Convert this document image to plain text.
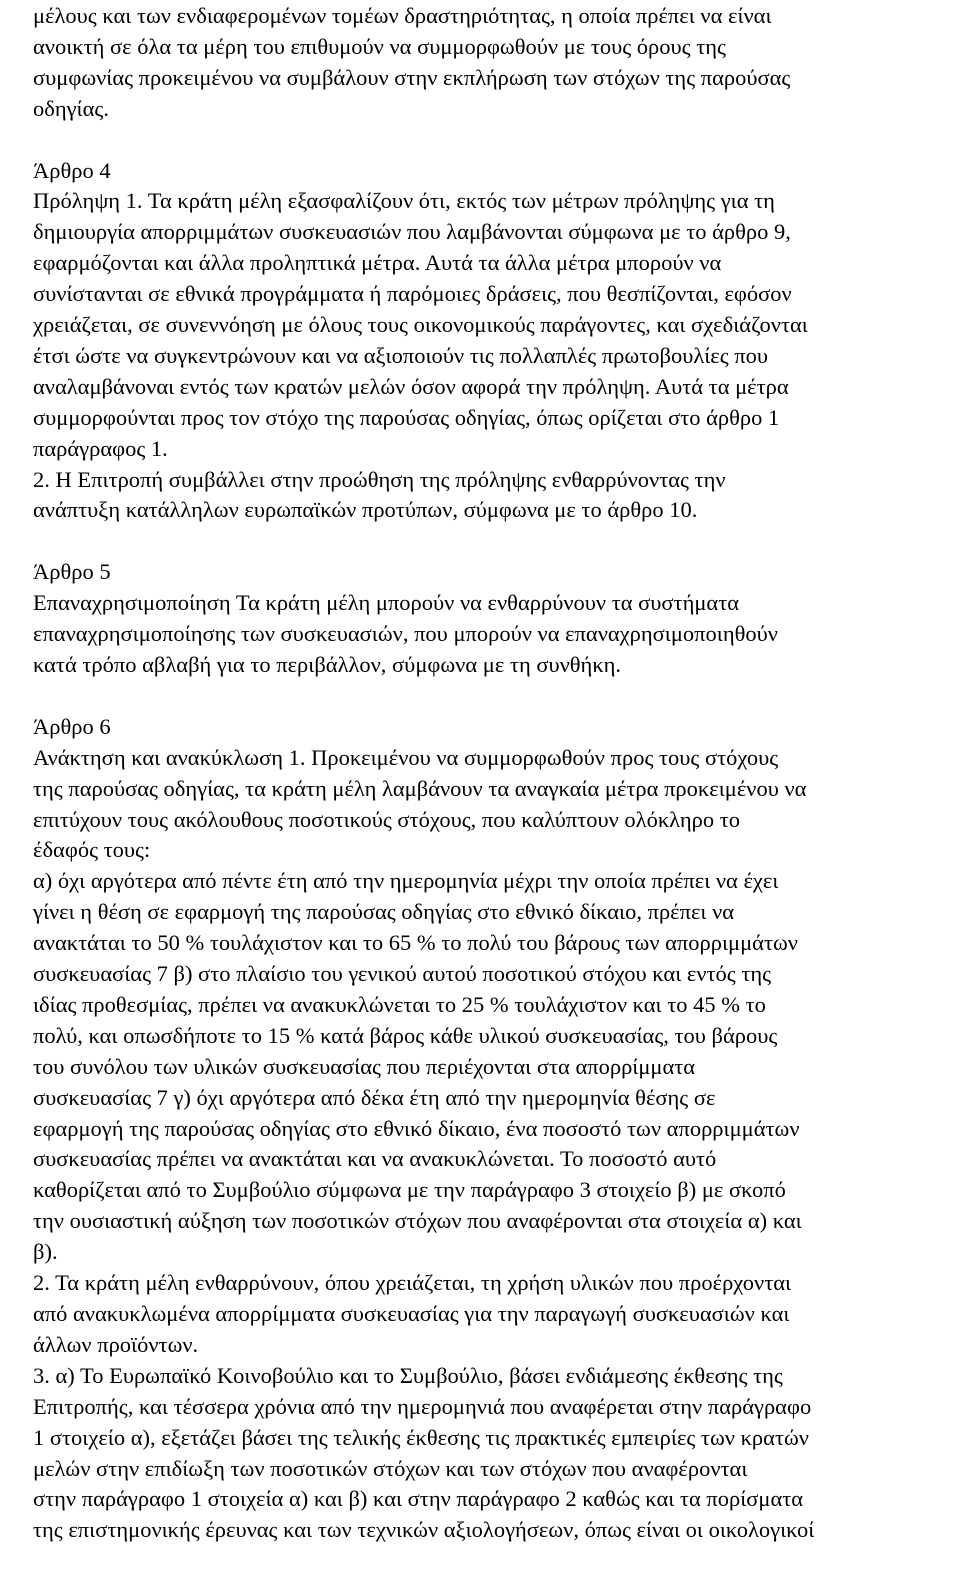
μέλους και των ενδιαφερομένων τομέων δραστηριότητας, η οποία πρέπει να είναι
ανοικτή σε όλα τα μέρη του επιθυμούν να συμμορφωθούν με τους όρους της
συμφωνίας προκειμένου να συμβάλουν στην εκπλήρωση των στόχων της παρούσας
οδηγίας.
Άρθρο 4
Πρόληψη 1. Τα κράτη μέλη εξασφαλίζουν ότι, εκτός των μέτρων πρόληψης για τη
δημιουργία απορριμμάτων συσκευασιών που λαμβάνονται σύμφωνα με το άρθρο 9,
εφαρμόζονται και άλλα προληπτικά μέτρα. Αυτά τα άλλα μέτρα μπορούν να
συνίστανται σε εθνικά προγράμματα ή παρόμοιες δράσεις, που θεσπίζονται, εφόσον
χρειάζεται, σε συνεννόηση με όλους τους οικονομικούς παράγοντες, και σχεδιάζονται
έτσι ώστε να συγκεντρώνουν και να αξιοποιούν τις πολλαπλές πρωτοβουλίες που
αναλαμβάνοναι εντός των κρατών μελών όσον αφορά την πρόληψη. Αυτά τα μέτρα
συμμορφούνται προς τον στόχο της παρούσας οδηγίας, όπως ορίζεται στο άρθρο 1
παράγραφος 1.
2. Η Επιτροπή συμβάλλει στην προώθηση της πρόληψης ενθαρρύνοντας την
ανάπτυξη κατάλληλων ευρωπαϊκών προτύπων, σύμφωνα με το άρθρο 10.
Άρθρο 5
Επαναχρησιμοποίηση Τα κράτη μέλη μπορούν να ενθαρρύνουν τα συστήματα
επαναχρησιμοποίησης των συσκευασιών, που μπορούν να επαναχρησιμοποιηθούν
κατά τρόπο αβλαβή για το περιβάλλον, σύμφωνα με τη συνθήκη.
Άρθρο 6
Ανάκτηση και ανακύκλωση 1. Προκειμένου να συμμορφωθούν προς τους στόχους
της παρούσας οδηγίας, τα κράτη μέλη λαμβάνουν τα αναγκαία μέτρα προκειμένου να
επιτύχουν τους ακόλουθους ποσοτικούς στόχους, που καλύπτουν ολόκληρο το
έδαφός τους:
α) όχι αργότερα από πέντε έτη από την ημερομηνία μέχρι την οποία πρέπει να έχει
γίνει η θέση σε εφαρμογή της παρούσας οδηγίας στο εθνικό δίκαιο, πρέπει να
ανακτάται το 50 % τουλάχιστον και το 65 % το πολύ του βάρους των απορριμμάτων
συσκευασίας 7 β) στο πλαίσιο του γενικού αυτού ποσοτικού στόχου και εντός της
ιδίας προθεσμίας, πρέπει να ανακυκλώνεται το 25 % τουλάχιστον και το 45 % το
πολύ, και οπωσδήποτε το 15 % κατά βάρος κάθε υλικού συσκευασίας, του βάρους
του συνόλου των υλικών συσκευασίας που περιέχονται στα απορρίμματα
συσκευασίας 7 γ) όχι αργότερα από δέκα έτη από την ημερομηνία θέσης σε
εφαρμογή της παρούσας οδηγίας στο εθνικό δίκαιο, ένα ποσοστό των απορριμμάτων
συσκευασίας πρέπει να ανακτάται και να ανακυκλώνεται. Το ποσοστό αυτό
καθορίζεται από το Συμβούλιο σύμφωνα με την παράγραφο 3 στοιχείο β) με σκοπό
την ουσιαστική αύξηση των ποσοτικών στόχων που αναφέρονται στα στοιχεία α) και
β).
2. Τα κράτη μέλη ενθαρρύνουν, όπου χρειάζεται, τη χρήση υλικών που προέρχονται
από ανακυκλωμένα απορρίμματα συσκευασίας για την παραγωγή συσκευασιών και
άλλων προϊόντων.
3. α) Το Ευρωπαϊκό Κοινοβούλιο και το Συμβούλιο, βάσει ενδιάμεσης έκθεσης της
Επιτροπής, και τέσσερα χρόνια από την ημερομηνιά που αναφέρεται στην παράγραφο
1 στοιχείο α), εξετάζει βάσει της τελικής έκθεσης τις πρακτικές εμπειρίες των κρατών
μελών στην επιδίωξη των ποσοτικών στόχων και των στόχων που αναφέρονται
στην παράγραφο 1 στοιχεία α) και β) και στην παράγραφο 2 καθώς και τα πορίσματα
της επιστημονικής έρευνας και των τεχνικών αξιολογήσεων, όπως είναι οι οικολογικοί
